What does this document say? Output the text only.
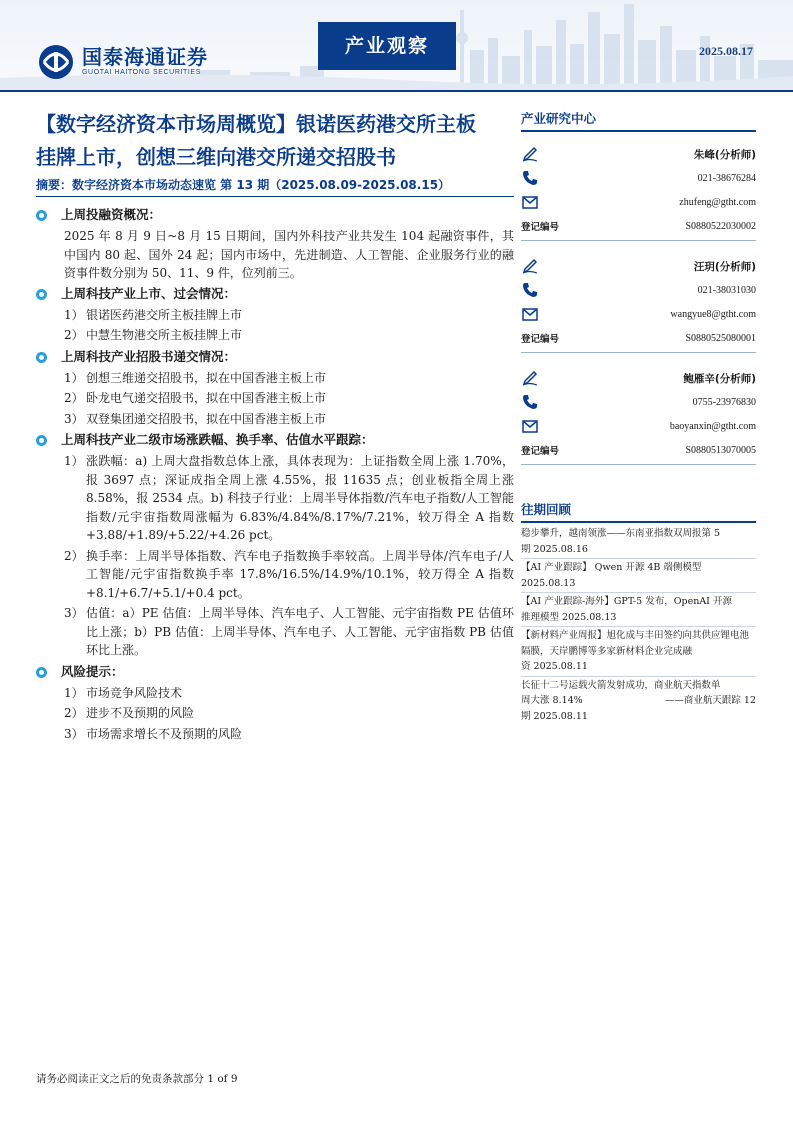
国泰海通证券
GUOTAI HAITONG SECURITIES
产业观察	2025.08.17
【数字经济资本市场周概览】银诺医药港交所主板
挂牌上市，创想三维向港交所递交招股书
摘要：数字经济资本市场动态速览 第 13 期（2025.08.09-2025.08.15）
上周投融资概况：
2025 年 8 月 9 日~8 月 15 日期间，国内外科技产业共发生 104 起融资事件，其中国内 80 起、国外 24 起；国内市场中，先进制造、人工智能、企业服务行业的融资事件数分别为 50、11、9 件，位列前三。
上周科技产业上市、过会情况：
1） 银诺医药港交所主板挂牌上市
2） 中慧生物港交所主板挂牌上市
上周科技产业招股书递交情况：
1） 创想三维递交招股书，拟在中国香港主板上市
2） 卧龙电气递交招股书，拟在中国香港主板上市
3） 双登集团递交招股书，拟在中国香港主板上市
上周科技产业二级市场涨跌幅、换手率、估值水平跟踪：
1） 涨跌幅：a) 上周大盘指数总体上涨，具体表现为：上证指数全周上涨 1.70%，报 3697 点；深证成指全周上涨 4.55%，报 11635 点；创业板指全周上涨 8.58%，报 2534 点。b) 科技子行业：上周半导体指数/汽车电子指数/人工智能指数/元宇宙指数周涨幅为 6.83%/4.84%/8.17%/7.21%，较万得全 A 指数+3.88/+1.89/+5.22/+4.26 pct。
2） 换手率：上周半导体指数、汽车电子指数换手率较高。上周半导体/汽车电子/人工智能/元宇宙指数换手率 17.8%/16.5%/14.9%/10.1%，较万得全 A 指数+8.1/+6.7/+5.1/+0.4 pct。
3） 估值：a）PE 估值：上周半导体、汽车电子、人工智能、元宇宙指数 PE 估值环比上涨；b）PB 估值：上周半导体、汽车电子、人工智能、元宇宙指数 PB 估值环比上涨。
风险提示：
1） 市场竞争风险技术
2） 进步不及预期的风险
3） 市场需求增长不及预期的风险
产业研究中心
朱峰(分析师)
021-38676284
zhufeng@gtht.com
登记编号	S0880522030002
汪玥(分析师)
021-38031030
wangyue8@gtht.com
登记编号	S0880525080001
鲍雁辛(分析师)
0755-23976830
baoyanxin@gtht.com
登记编号	S0880513070005
往期回顾
稳步攀升，越南领涨——东南亚指数双周报第 5
期 2025.08.16
【AI 产业跟踪】 Qwen 开源 4B 端侧模型
2025.08.13
【AI 产业跟踪-海外】GPT-5 发布，OpenAI 开源
推理模型 2025.08.13
【新材料产业周报】旭化成与丰田签约向其供应锂电池隔膜，天岸鹏博等多家新材料企业完成融
资 2025.08.11
长征十二号运载火箭发射成功，商业航天指数单
周大涨 8.14%	——商业航天跟踪 12
期 2025.08.11
请务必阅读正文之后的免责条款部分 1 of 9
